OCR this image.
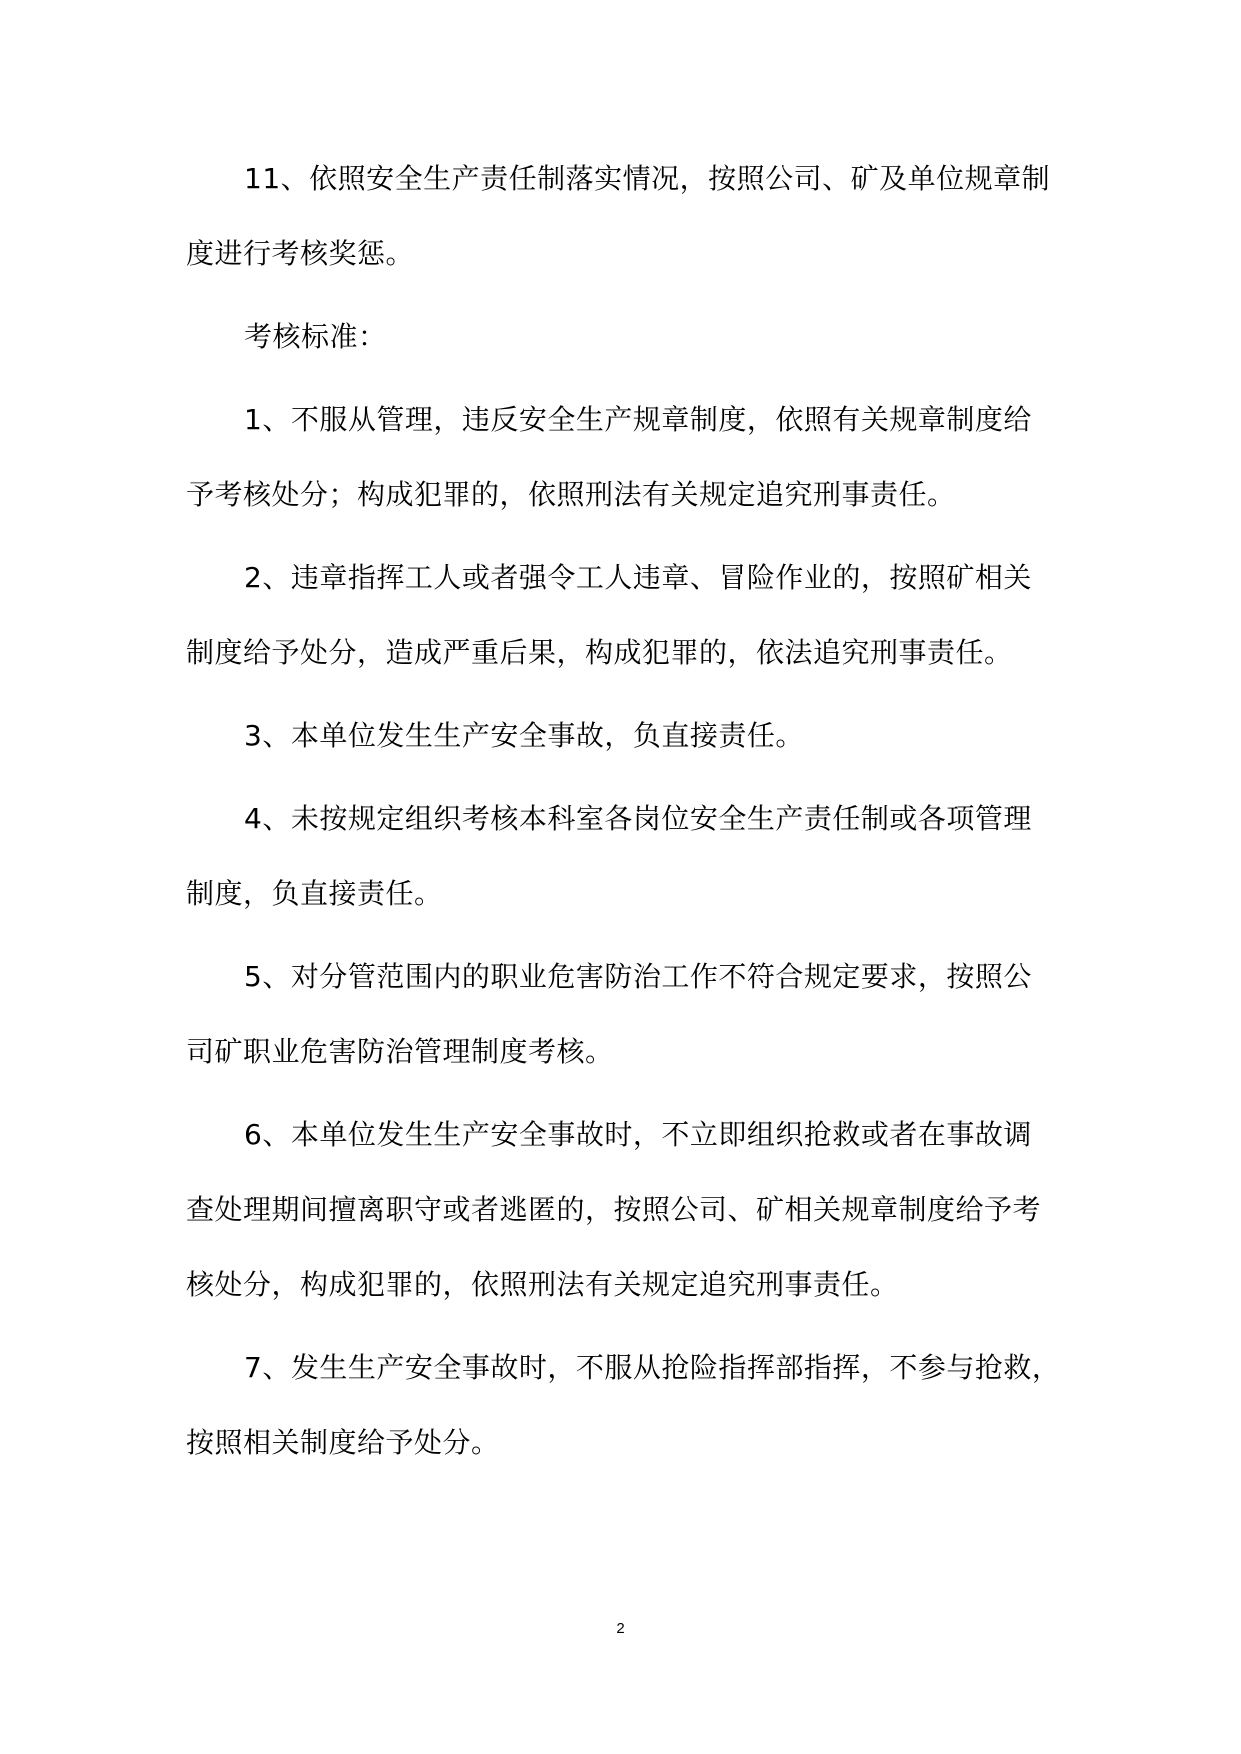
11、依照安全生产责任制落实情况，按照公司、矿及单位规章制
度进行考核奖惩。

考核标准：

1、不服从管理，违反安全生产规章制度，依照有关规章制度给
予考核处分；构成犯罪的，依照刑法有关规定追究刑事责任。

2、违章指挥工人或者强令工人违章、冒险作业的，按照矿相关
制度给予处分，造成严重后果，构成犯罪的，依法追究刑事责任。

3、本单位发生生产安全事故，负直接责任。

4、未按规定组织考核本科室各岗位安全生产责任制或各项管理
制度，负直接责任。

5、对分管范围内的职业危害防治工作不符合规定要求，按照公
司矿职业危害防治管理制度考核。

6、本单位发生生产安全事故时，不立即组织抢救或者在事故调
查处理期间擅离职守或者逃匿的，按照公司、矿相关规章制度给予考
核处分，构成犯罪的，依照刑法有关规定追究刑事责任。

7、发生生产安全事故时，不服从抢险指挥部指挥，不参与抢救，
按照相关制度给予处分。

2
